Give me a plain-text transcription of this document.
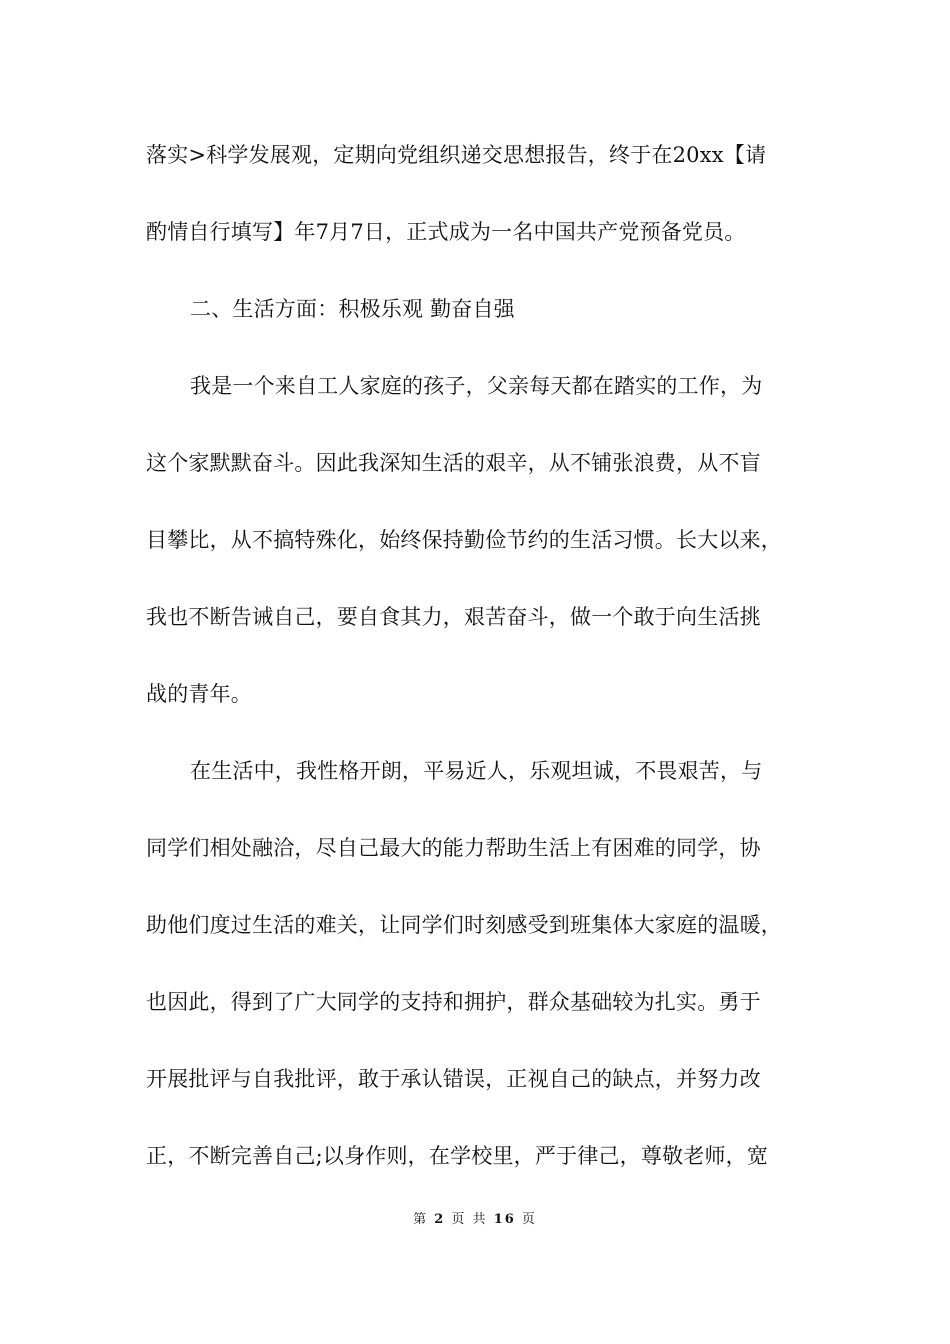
落实>科学发展观，定期向党组织递交思想报告，终于在20xx【请
酌情自行填写】年7月7日，正式成为一名中国共产党预备党员。
二、生活方面：积极乐观 勤奋自强
我是一个来自工人家庭的孩子，父亲每天都在踏实的工作，为
这个家默默奋斗。因此我深知生活的艰辛，从不铺张浪费，从不盲
目攀比，从不搞特殊化，始终保持勤俭节约的生活习惯。长大以来，
我也不断告诫自己，要自食其力，艰苦奋斗，做一个敢于向生活挑
战的青年。
在生活中，我性格开朗，平易近人，乐观坦诚，不畏艰苦，与
同学们相处融洽，尽自己最大的能力帮助生活上有困难的同学，协
助他们度过生活的难关，让同学们时刻感受到班集体大家庭的温暖，
也因此，得到了广大同学的支持和拥护，群众基础较为扎实。勇于
开展批评与自我批评，敢于承认错误，正视自己的缺点，并努力改
正，不断完善自己;以身作则，在学校里，严于律己，尊敬老师，宽
第 2 页 共 16 页
